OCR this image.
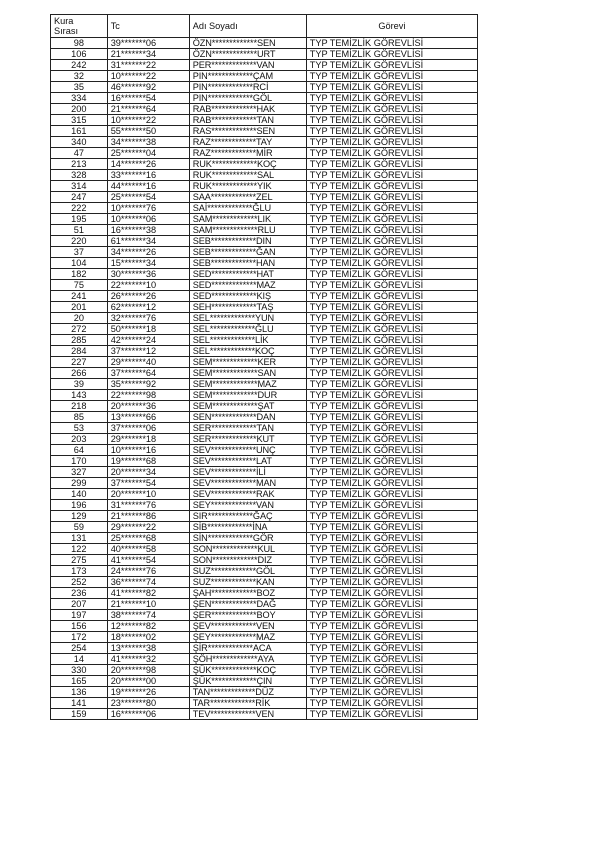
Kura
Sırası	Tc	Adı Soyadı	Görevi
98	39*******06	ÖZN*************SEN	TYP TEMİZLİK GÖREVLİSİ
106	21*******34	ÖZN*************URT	TYP TEMİZLİK GÖREVLİSİ
242	31*******22	PER*************VAN	TYP TEMİZLİK GÖREVLİSİ
32	10*******22	PIN*************ÇAM	TYP TEMİZLİK GÖREVLİSİ
35	46*******92	PIN*************RCİ	TYP TEMİZLİK GÖREVLİSİ
334	16*******54	PIN*************GÖL	TYP TEMİZLİK GÖREVLİSİ
200	21*******64	RAB*************HAK	TYP TEMİZLİK GÖREVLİSİ
315	10*******22	RAB*************TAN	TYP TEMİZLİK GÖREVLİSİ
161	55*******50	RAS*************SEN	TYP TEMİZLİK GÖREVLİSİ
340	34*******38	RAZ*************TAY	TYP TEMİZLİK GÖREVLİSİ
47	25*******04	RAZ*************MİR	TYP TEMİZLİK GÖREVLİSİ
213	14*******26	RUK*************KOÇ	TYP TEMİZLİK GÖREVLİSİ
328	33*******16	RUK*************SAL	TYP TEMİZLİK GÖREVLİSİ
314	44*******16	RUK*************YIK	TYP TEMİZLİK GÖREVLİSİ
247	25*******54	SAA*************ZEL	TYP TEMİZLİK GÖREVLİSİ
222	10*******76	SAİ*************ĞLU	TYP TEMİZLİK GÖREVLİSİ
195	10*******06	SAM*************LIK	TYP TEMİZLİK GÖREVLİSİ
51	16*******38	SAM*************RLU	TYP TEMİZLİK GÖREVLİSİ
220	61*******34	SEB*************DIN	TYP TEMİZLİK GÖREVLİSİ
37	34*******26	SEB*************ĞAN	TYP TEMİZLİK GÖREVLİSİ
104	15*******34	SEB*************HAN	TYP TEMİZLİK GÖREVLİSİ
182	30*******36	SED*************HAT	TYP TEMİZLİK GÖREVLİSİ
75	22*******10	SED*************MAZ	TYP TEMİZLİK GÖREVLİSİ
241	26*******26	SED*************KIŞ	TYP TEMİZLİK GÖREVLİSİ
201	62*******12	SEH*************TAŞ	TYP TEMİZLİK GÖREVLİSİ
20	32*******76	SEL*************YUN	TYP TEMİZLİK GÖREVLİSİ
272	50*******18	SEL*************ĞLU	TYP TEMİZLİK GÖREVLİSİ
285	42*******24	SEL*************LİK	TYP TEMİZLİK GÖREVLİSİ
284	37*******12	SEL*************KOÇ	TYP TEMİZLİK GÖREVLİSİ
227	29*******40	SEM*************KER	TYP TEMİZLİK GÖREVLİSİ
266	37*******64	SEM*************SAN	TYP TEMİZLİK GÖREVLİSİ
39	35*******92	SEM*************MAZ	TYP TEMİZLİK GÖREVLİSİ
143	22*******98	SEM*************DUR	TYP TEMİZLİK GÖREVLİSİ
218	20*******36	SEM*************ŞAT	TYP TEMİZLİK GÖREVLİSİ
85	13*******66	SEN*************DAN	TYP TEMİZLİK GÖREVLİSİ
53	37*******06	SER*************TAN	TYP TEMİZLİK GÖREVLİSİ
203	29*******18	SER*************KUT	TYP TEMİZLİK GÖREVLİSİ
64	10*******16	SEV*************UNÇ	TYP TEMİZLİK GÖREVLİSİ
170	19*******68	SEV*************LAT	TYP TEMİZLİK GÖREVLİSİ
327	20*******34	SEV*************İLİ	TYP TEMİZLİK GÖREVLİSİ
299	37*******54	SEV*************MAN	TYP TEMİZLİK GÖREVLİSİ
140	20*******10	SEV*************RAK	TYP TEMİZLİK GÖREVLİSİ
196	31*******76	SEY*************VAN	TYP TEMİZLİK GÖREVLİSİ
129	21*******86	SIR*************ĞAÇ	TYP TEMİZLİK GÖREVLİSİ
59	29*******22	SİB*************İNA	TYP TEMİZLİK GÖREVLİSİ
131	25*******68	SİN*************GÖR	TYP TEMİZLİK GÖREVLİSİ
122	40*******58	SON*************KUL	TYP TEMİZLİK GÖREVLİSİ
275	41*******54	SON*************DIZ	TYP TEMİZLİK GÖREVLİSİ
173	24*******76	SUZ*************GÖL	TYP TEMİZLİK GÖREVLİSİ
252	36*******74	SUZ*************KAN	TYP TEMİZLİK GÖREVLİSİ
236	41*******82	ŞAH*************BOZ	TYP TEMİZLİK GÖREVLİSİ
207	21*******10	ŞEN*************DAĞ	TYP TEMİZLİK GÖREVLİSİ
197	38*******74	ŞER*************BOY	TYP TEMİZLİK GÖREVLİSİ
156	12*******82	ŞEV*************VEN	TYP TEMİZLİK GÖREVLİSİ
172	18*******02	ŞEY*************MAZ	TYP TEMİZLİK GÖREVLİSİ
254	13*******38	ŞİR*************ACA	TYP TEMİZLİK GÖREVLİSİ
14	41*******32	ŞÖH*************AYA	TYP TEMİZLİK GÖREVLİSİ
330	20*******98	ŞÜK*************KOÇ	TYP TEMİZLİK GÖREVLİSİ
165	20*******00	ŞÜK*************ÇIN	TYP TEMİZLİK GÖREVLİSİ
136	19*******26	TAN*************DÜZ	TYP TEMİZLİK GÖREVLİSİ
141	23*******80	TAR*************RİK	TYP TEMİZLİK GÖREVLİSİ
159	16*******06	TEV*************VEN	TYP TEMİZLİK GÖREVLİSİ
